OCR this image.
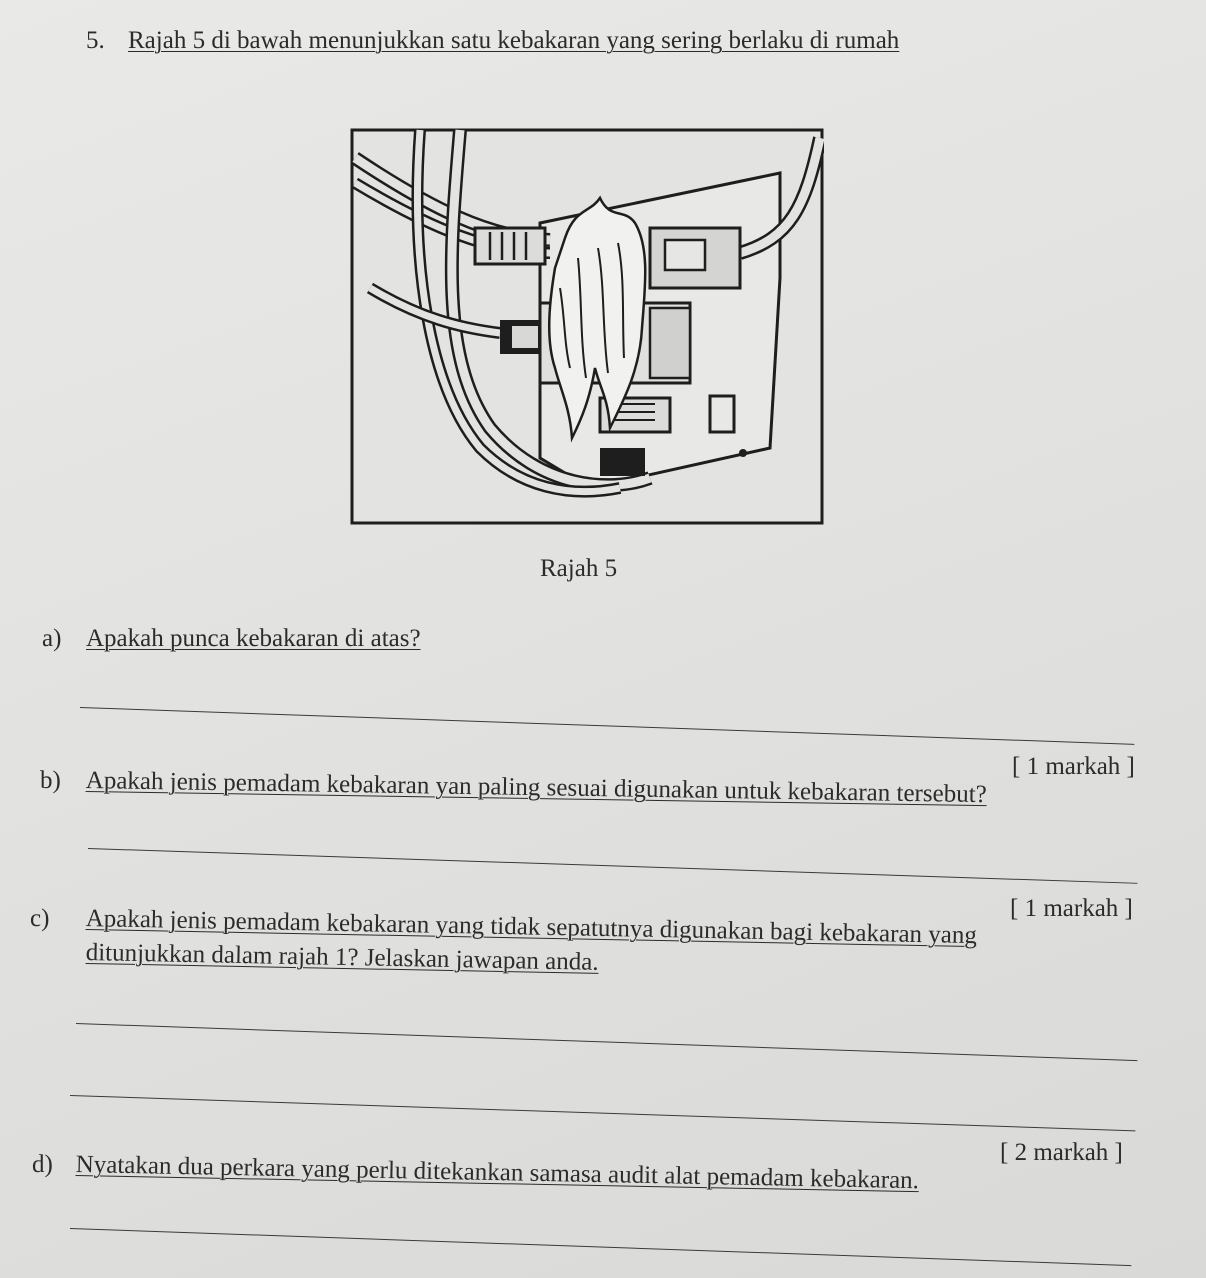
5. Rajah 5 di bawah menunjukkan satu kebakaran yang sering berlaku di rumah
Rajah 5
a) Apakah punca kebakaran di atas?
[ 1 markah ]
b) Apakah jenis pemadam kebakaran yan paling sesuai digunakan untuk kebakaran tersebut?
[ 1 markah ]
c) Apakah jenis pemadam kebakaran yang tidak sepatutnya digunakan bagi kebakaran yang
ditunjukkan dalam rajah 1? Jelaskan jawapan anda.
[ 2 markah ]
d) Nyatakan dua perkara yang perlu ditekankan samasa audit alat pemadam kebakaran.
